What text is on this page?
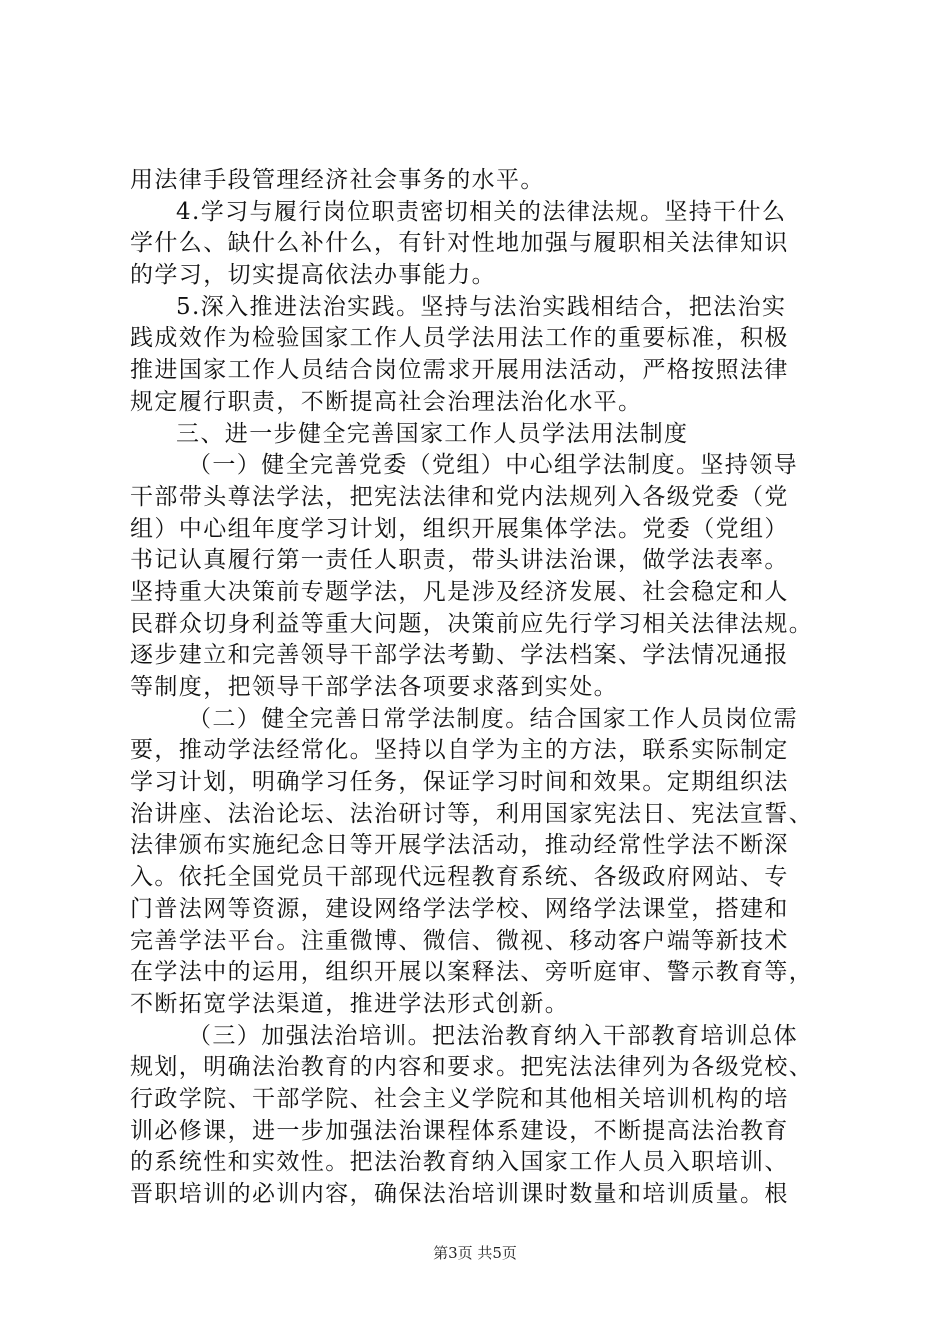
用法律手段管理经济社会事务的水平。
4.学习与履行岗位职责密切相关的法律法规。坚持干什么
学什么、缺什么补什么，有针对性地加强与履职相关法律知识
的学习，切实提高依法办事能力。
5.深入推进法治实践。坚持与法治实践相结合，把法治实
践成效作为检验国家工作人员学法用法工作的重要标准，积极
推进国家工作人员结合岗位需求开展用法活动，严格按照法律
规定履行职责，不断提高社会治理法治化水平。
三、进一步健全完善国家工作人员学法用法制度
（一）健全完善党委（党组）中心组学法制度。坚持领导
干部带头尊法学法，把宪法法律和党内法规列入各级党委（党
组）中心组年度学习计划，组织开展集体学法。党委（党组）
书记认真履行第一责任人职责，带头讲法治课，做学法表率。
坚持重大决策前专题学法，凡是涉及经济发展、社会稳定和人
民群众切身利益等重大问题，决策前应先行学习相关法律法规。
逐步建立和完善领导干部学法考勤、学法档案、学法情况通报
等制度，把领导干部学法各项要求落到实处。
（二）健全完善日常学法制度。结合国家工作人员岗位需
要，推动学法经常化。坚持以自学为主的方法，联系实际制定
学习计划，明确学习任务，保证学习时间和效果。定期组织法
治讲座、法治论坛、法治研讨等，利用国家宪法日、宪法宣誓、
法律颁布实施纪念日等开展学法活动，推动经常性学法不断深
入。依托全国党员干部现代远程教育系统、各级政府网站、专
门普法网等资源，建设网络学法学校、网络学法课堂，搭建和
完善学法平台。注重微博、微信、微视、移动客户端等新技术
在学法中的运用，组织开展以案释法、旁听庭审、警示教育等，
不断拓宽学法渠道，推进学法形式创新。
（三）加强法治培训。把法治教育纳入干部教育培训总体
规划，明确法治教育的内容和要求。把宪法法律列为各级党校、
行政学院、干部学院、社会主义学院和其他相关培训机构的培
训必修课，进一步加强法治课程体系建设，不断提高法治教育
的系统性和实效性。把法治教育纳入国家工作人员入职培训、
晋职培训的必训内容，确保法治培训课时数量和培训质量。根
第3页 共5页
